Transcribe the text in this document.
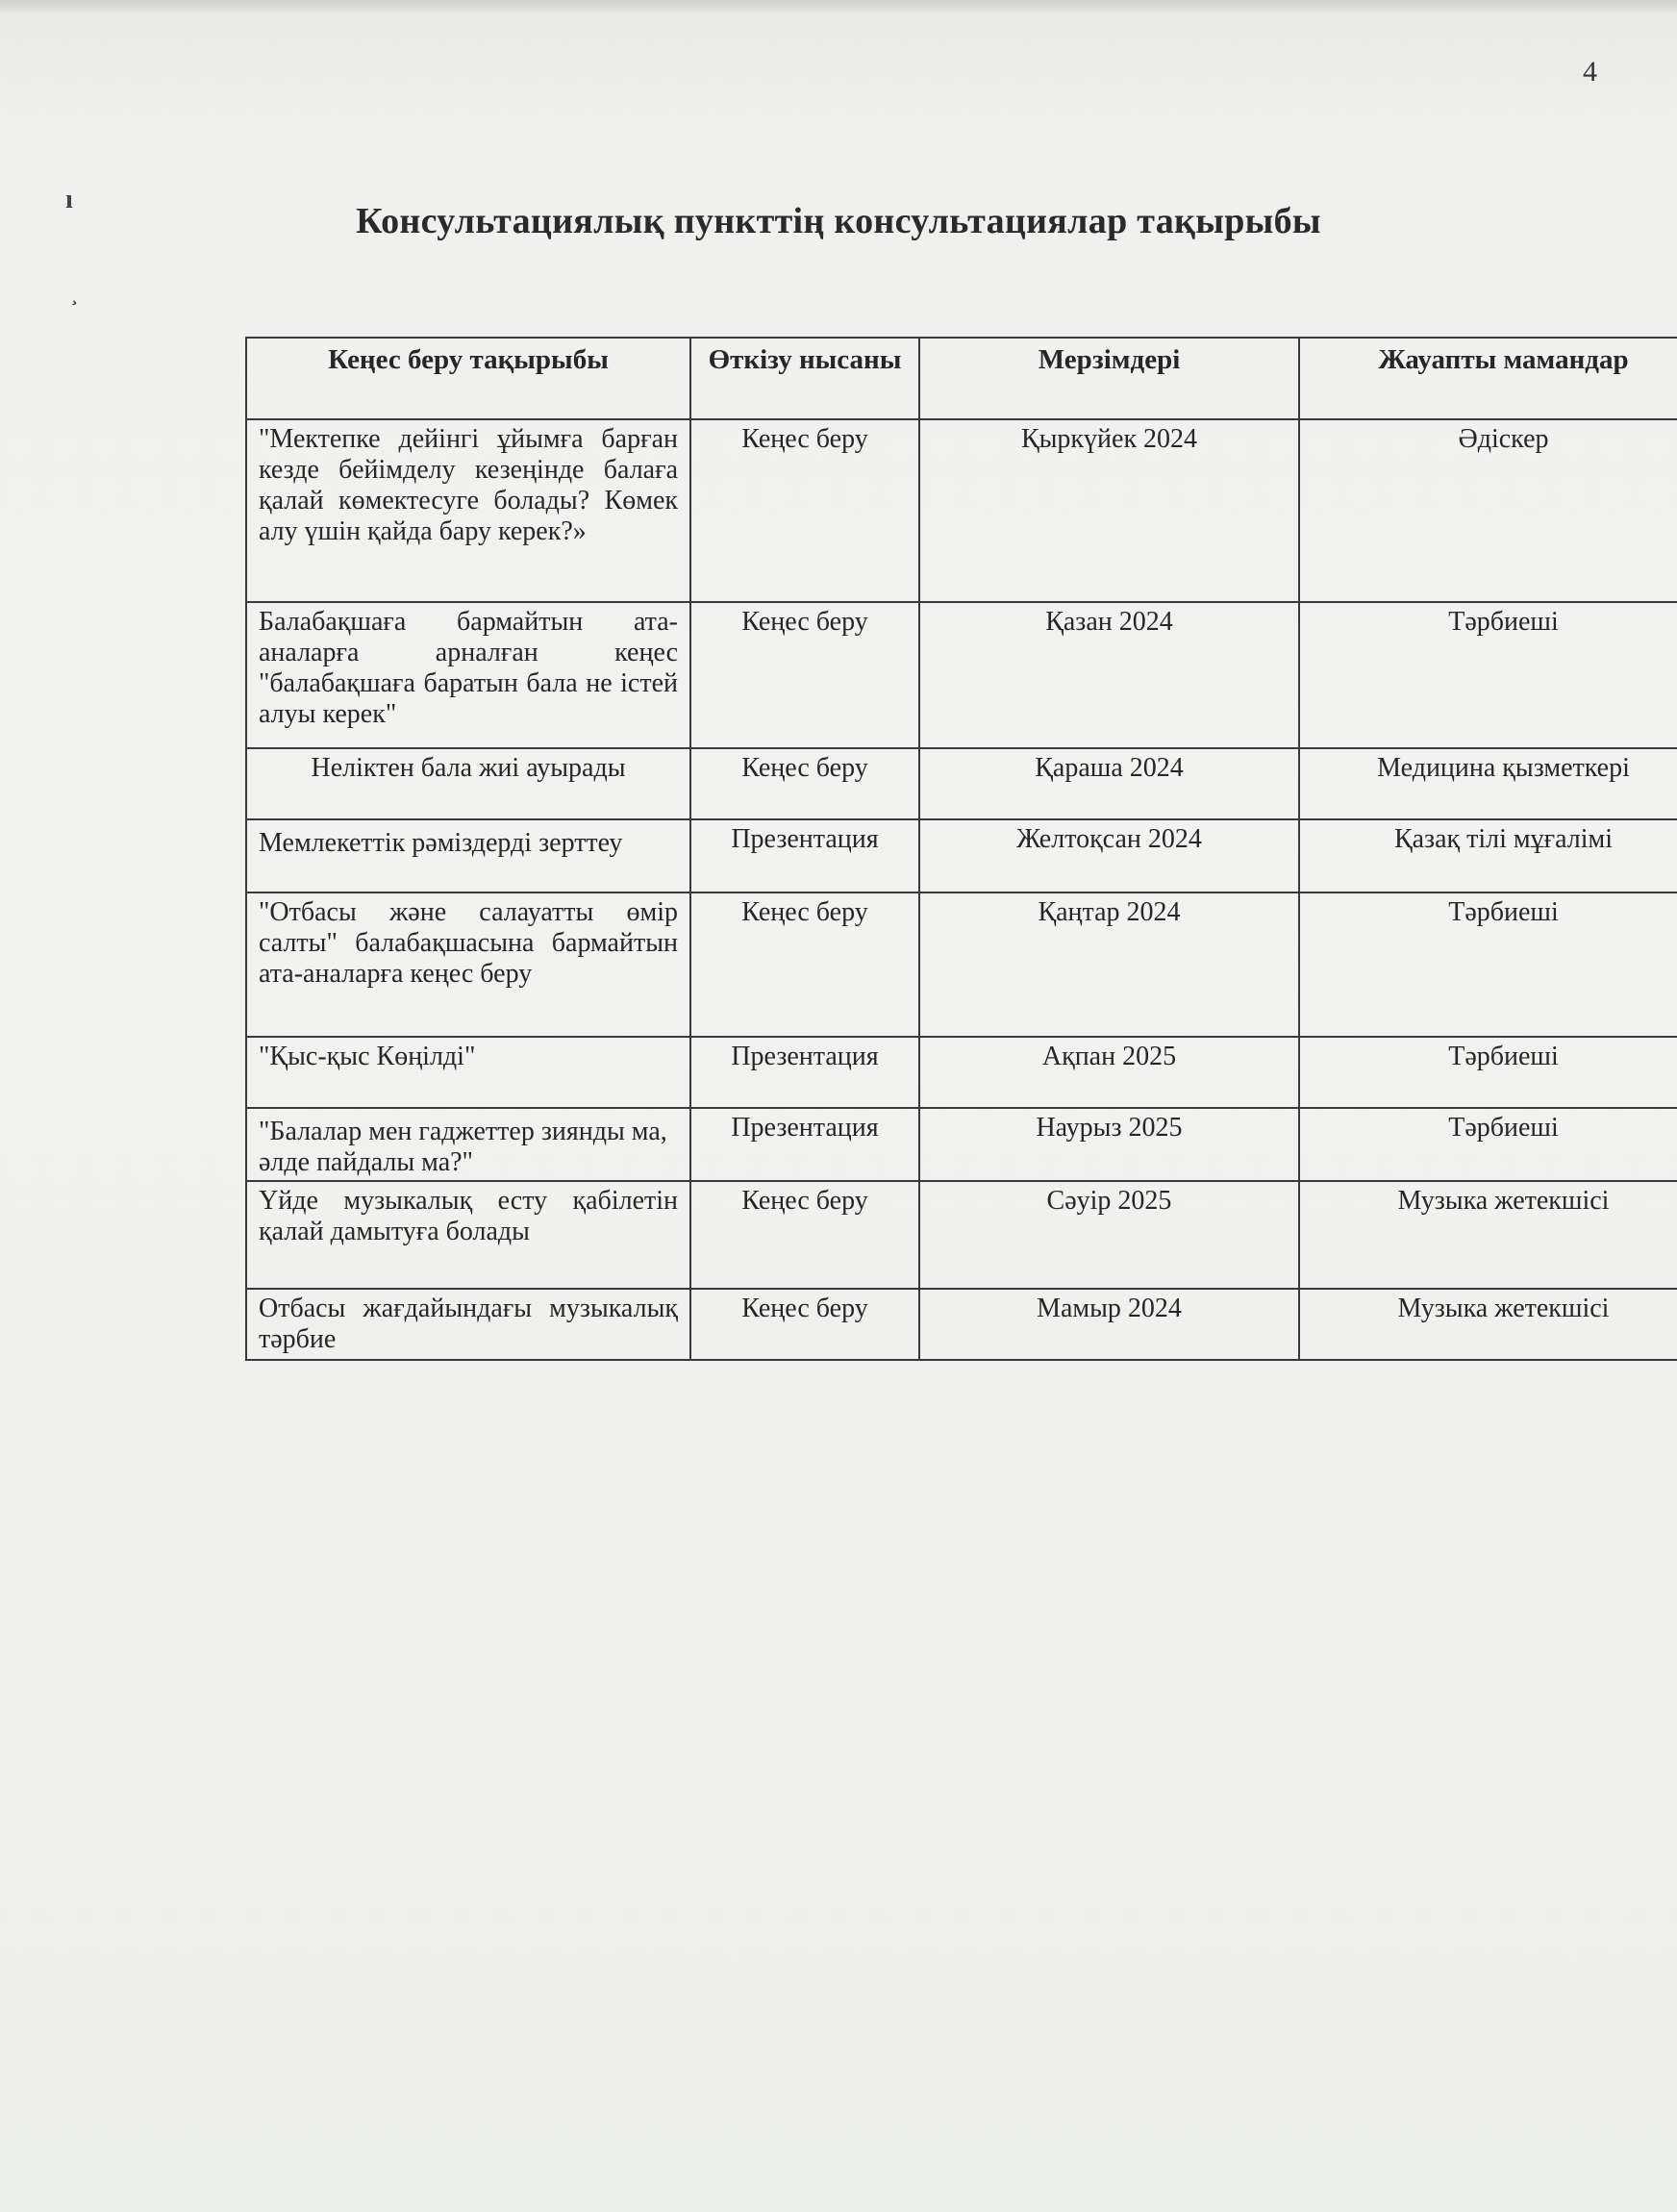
4
ı
¸
Консультациялық пункттің консультациялар тақырыбы
Кеңес беру тақырыбы	Өткізу нысаны	Мерзімдері	Жауапты мамандар
"Мектепке дейінгі ұйымға барған кезде бейімделу кезеңінде балаға қалай көмектесуге болады? Көмек алу үшін қайда бару керек?»	Кеңес беру	Қыркүйек 2024	Әдіскер
Балабақшаға бармайтын ата-аналарға арналған кеңес "балабақшаға баратын бала не істей алуы керек"	Кеңес беру	Қазан 2024	Тәрбиеші
Неліктен бала жиі ауырады	Кеңес беру	Қараша 2024	Медицина қызметкері
Мемлекеттік рәміздерді зерттеу	Презентация	Желтоқсан 2024	Қазақ тілі мұғалімі
"Отбасы және салауатты өмір салты" балабақшасына бармайтын ата-аналарға кеңес беру	Кеңес беру	Қаңтар 2024	Тәрбиеші
"Қыс-қыс Көңілді"	Презентация	Ақпан 2025	Тәрбиеші
"Балалар мен гаджеттер зиянды ма, әлде пайдалы ма?"	Презентация	Наурыз 2025	Тәрбиеші
Үйде музыкалық есту қабілетін қалай дамытуға болады	Кеңес беру	Сәуір 2025	Музыка жетекшісі
Отбасы жағдайындағы музыкалық тәрбие	Кеңес беру	Мамыр 2024	Музыка жетекшісі
